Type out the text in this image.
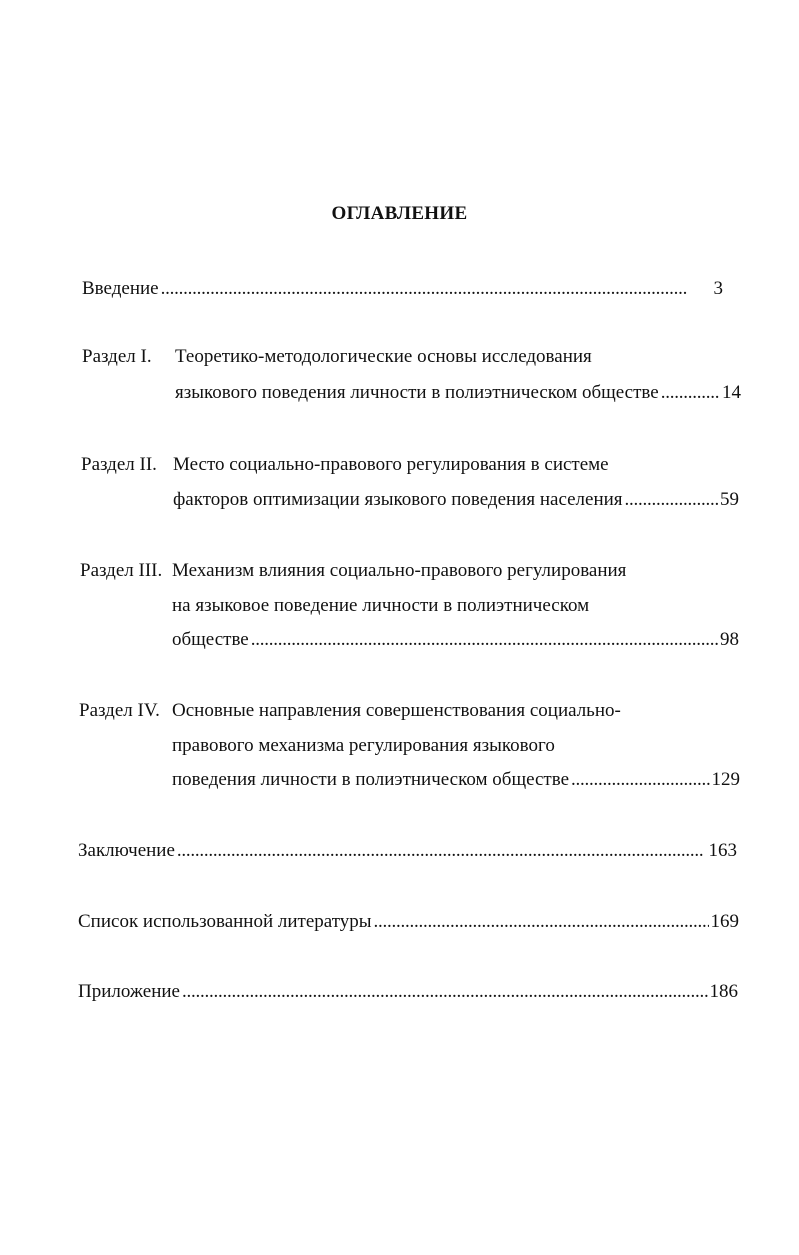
ОГЛАВЛЕНИЕ
Введение . . .	3
Раздел I. Теоретико-методологические основы исследования
языкового поведения личности в полиэтническом обществе . . .	14
Раздел II. Место социально-правового регулирования в системе
факторов оптимизации языкового поведения населения . . .	59
Раздел III. Механизм влияния социально-правового регулирования
на языковое поведение личности в полиэтническом
обществе . . .	98
Раздел IV. Основные направления совершенствования социально-
правового механизма регулирования языкового
поведения личности в полиэтническом обществе . . .	129
Заключение . . .	163
Список использованной литературы . . .	169
Приложение . . .	186
